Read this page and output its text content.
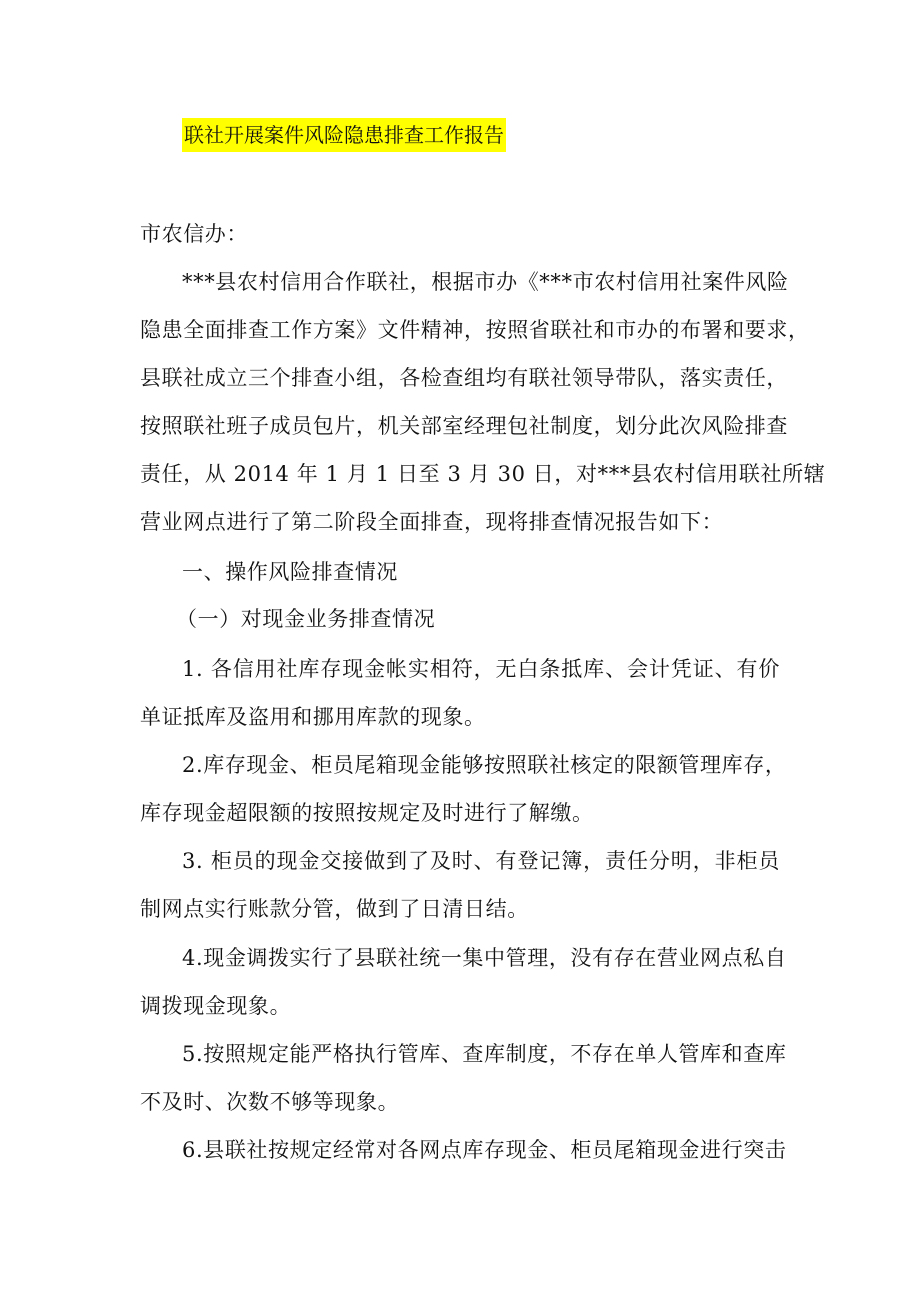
联社开展案件风险隐患排查工作报告
市农信办：
***县农村信用合作联社，根据市办《***市农村信用社案件风险
隐患全面排查工作方案》文件精神，按照省联社和市办的布署和要求，
县联社成立三个排查小组，各检查组均有联社领导带队，落实责任，
按照联社班子成员包片，机关部室经理包社制度，划分此次风险排查
责任，从 2014 年 1 月 1 日至 3 月 30 日，对***县农村信用联社所辖
营业网点进行了第二阶段全面排查，现将排查情况报告如下：
一、操作风险排查情况
（一）对现金业务排查情况
1. 各信用社库存现金帐实相符，无白条抵库、会计凭证、有价
单证抵库及盗用和挪用库款的现象。
2.库存现金、柜员尾箱现金能够按照联社核定的限额管理库存，
库存现金超限额的按照按规定及时进行了解缴。
3. 柜员的现金交接做到了及时、有登记簿，责任分明，非柜员
制网点实行账款分管，做到了日清日结。
4.现金调拨实行了县联社统一集中管理，没有存在营业网点私自
调拨现金现象。
5.按照规定能严格执行管库、查库制度，不存在单人管库和查库
不及时、次数不够等现象。
6.县联社按规定经常对各网点库存现金、柜员尾箱现金进行突击
